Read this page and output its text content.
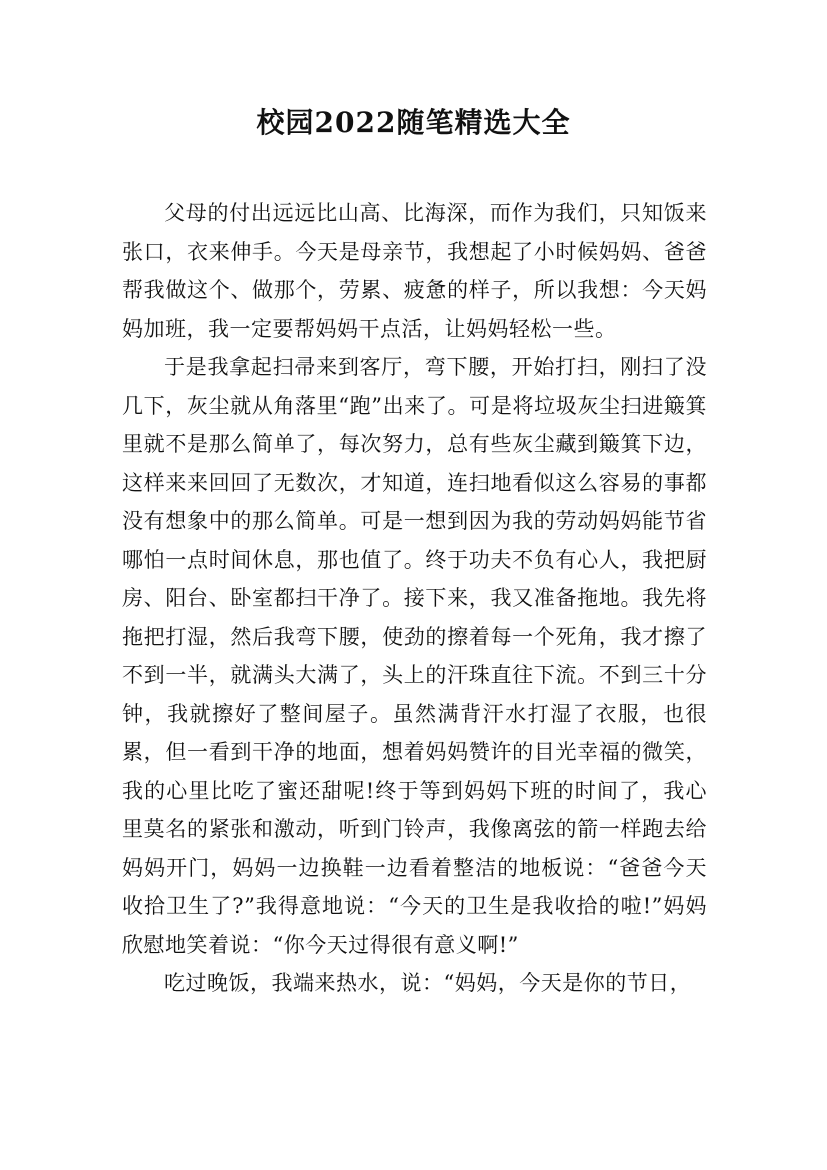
校园2022随笔精选大全

父母的付出远远比山高、比海深，而作为我们，只知饭来张口，衣来伸手。今天是母亲节，我想起了小时候妈妈、爸爸帮我做这个、做那个，劳累、疲惫的样子，所以我想：今天妈妈加班，我一定要帮妈妈干点活，让妈妈轻松一些。

于是我拿起扫帚来到客厅，弯下腰，开始打扫，刚扫了没几下，灰尘就从角落里“跑”出来了。可是将垃圾灰尘扫进簸箕里就不是那么简单了，每次努力，总有些灰尘藏到簸箕下边，这样来来回回了无数次，才知道，连扫地看似这么容易的事都没有想象中的那么简单。可是一想到因为我的劳动妈妈能节省哪怕一点时间休息，那也值了。终于功夫不负有心人，我把厨房、阳台、卧室都扫干净了。接下来，我又准备拖地。我先将拖把打湿，然后我弯下腰，使劲的擦着每一个死角，我才擦了不到一半，就满头大满了，头上的汗珠直往下流。不到三十分钟，我就擦好了整间屋子。虽然满背汗水打湿了衣服，也很累，但一看到干净的地面，想着妈妈赞许的目光幸福的微笑，我的心里比吃了蜜还甜呢!终于等到妈妈下班的时间了，我心里莫名的紧张和激动，听到门铃声，我像离弦的箭一样跑去给妈妈开门，妈妈一边换鞋一边看着整洁的地板说：“爸爸今天收拾卫生了?”我得意地说：“今天的卫生是我收拾的啦!”妈妈欣慰地笑着说：“你今天过得很有意义啊!”

吃过晚饭，我端来热水，说：“妈妈，今天是你的节日，
